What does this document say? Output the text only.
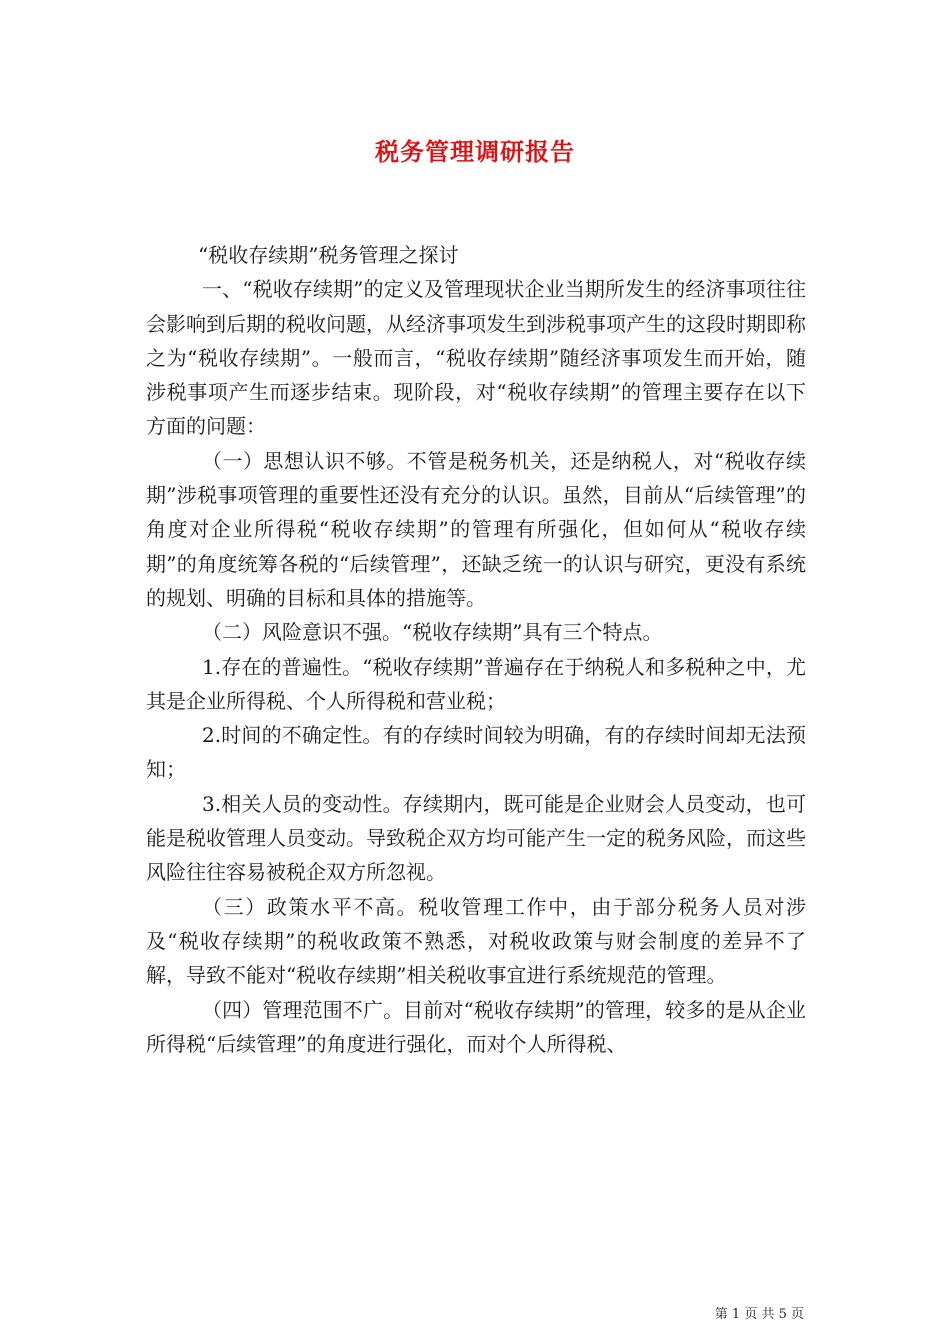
税务管理调研报告

“税收存续期”税务管理之探讨

一、“税收存续期”的定义及管理现状企业当期所发生的经济事项往往会影响到后期的税收问题，从经济事项发生到涉税事项产生的这段时期即称之为“税收存续期”。一般而言，“税收存续期”随经济事项发生而开始，随涉税事项产生而逐步结束。现阶段，对“税收存续期”的管理主要存在以下方面的问题：

（一）思想认识不够。不管是税务机关，还是纳税人，对“税收存续期”涉税事项管理的重要性还没有充分的认识。虽然，目前从“后续管理”的角度对企业所得税“税收存续期”的管理有所强化，但如何从“税收存续期”的角度统筹各税的“后续管理”，还缺乏统一的认识与研究，更没有系统的规划、明确的目标和具体的措施等。

（二）风险意识不强。“税收存续期”具有三个特点。

1.存在的普遍性。“税收存续期”普遍存在于纳税人和多税种之中，尤其是企业所得税、个人所得税和营业税；

2.时间的不确定性。有的存续时间较为明确，有的存续时间却无法预知；

3.相关人员的变动性。存续期内，既可能是企业财会人员变动，也可能是税收管理人员变动。导致税企双方均可能产生一定的税务风险，而这些风险往往容易被税企双方所忽视。

（三）政策水平不高。税收管理工作中，由于部分税务人员对涉及“税收存续期”的税收政策不熟悉，对税收政策与财会制度的差异不了解，导致不能对“税收存续期”相关税收事宜进行系统规范的管理。

（四）管理范围不广。目前对“税收存续期”的管理，较多的是从企业所得税“后续管理”的角度进行强化，而对个人所得税、

第 1 页 共 5 页
